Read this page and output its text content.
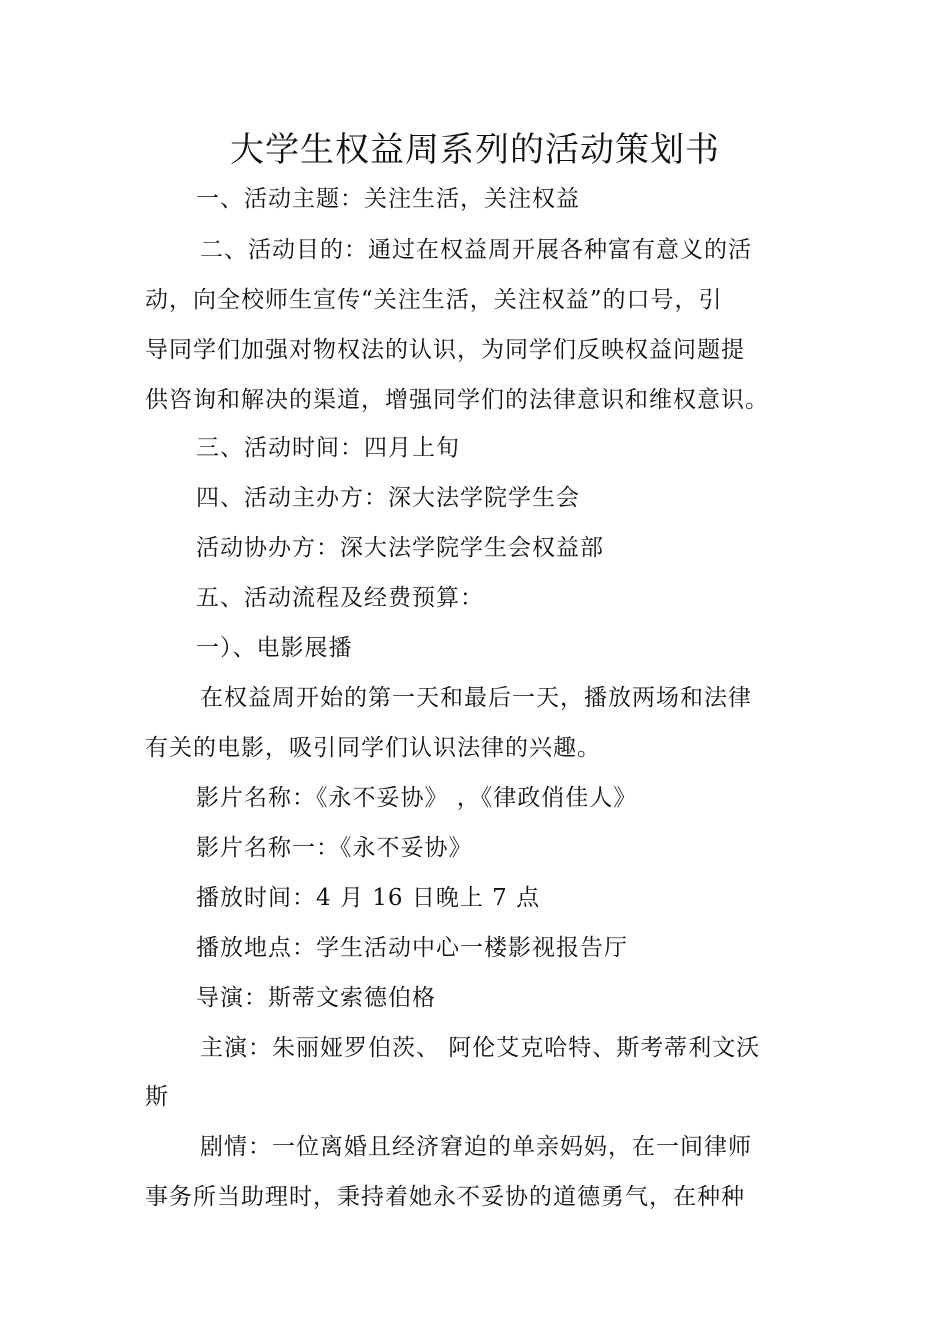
大学生权益周系列的活动策划书

一、活动主题：关注生活，关注权益

二、活动目的：通过在权益周开展各种富有意义的活

动，向全校师生宣传“关注生活，关注权益”的口号，引

导同学们加强对物权法的认识，为同学们反映权益问题提

供咨询和解决的渠道，增强同学们的法律意识和维权意识。

三、活动时间：四月上旬

四、活动主办方：深大法学院学生会

活动协办方：深大法学院学生会权益部

五、活动流程及经费预算：

一）、电影展播

在权益周开始的第一天和最后一天，播放两场和法律

有关的电影，吸引同学们认识法律的兴趣。

影片名称：《永不妥协》 ，《律政俏佳人》

影片名称一：《永不妥协》

播放时间：4 月 16 日晚上 7 点

播放地点：学生活动中心一楼影视报告厅

导演：斯蒂文索德伯格

主演：朱丽娅罗伯茨、 阿伦艾克哈特、斯考蒂利文沃

斯

剧情：一位离婚且经济窘迫的单亲妈妈，在一间律师

事务所当助理时，秉持着她永不妥协的道德勇气，在种种
